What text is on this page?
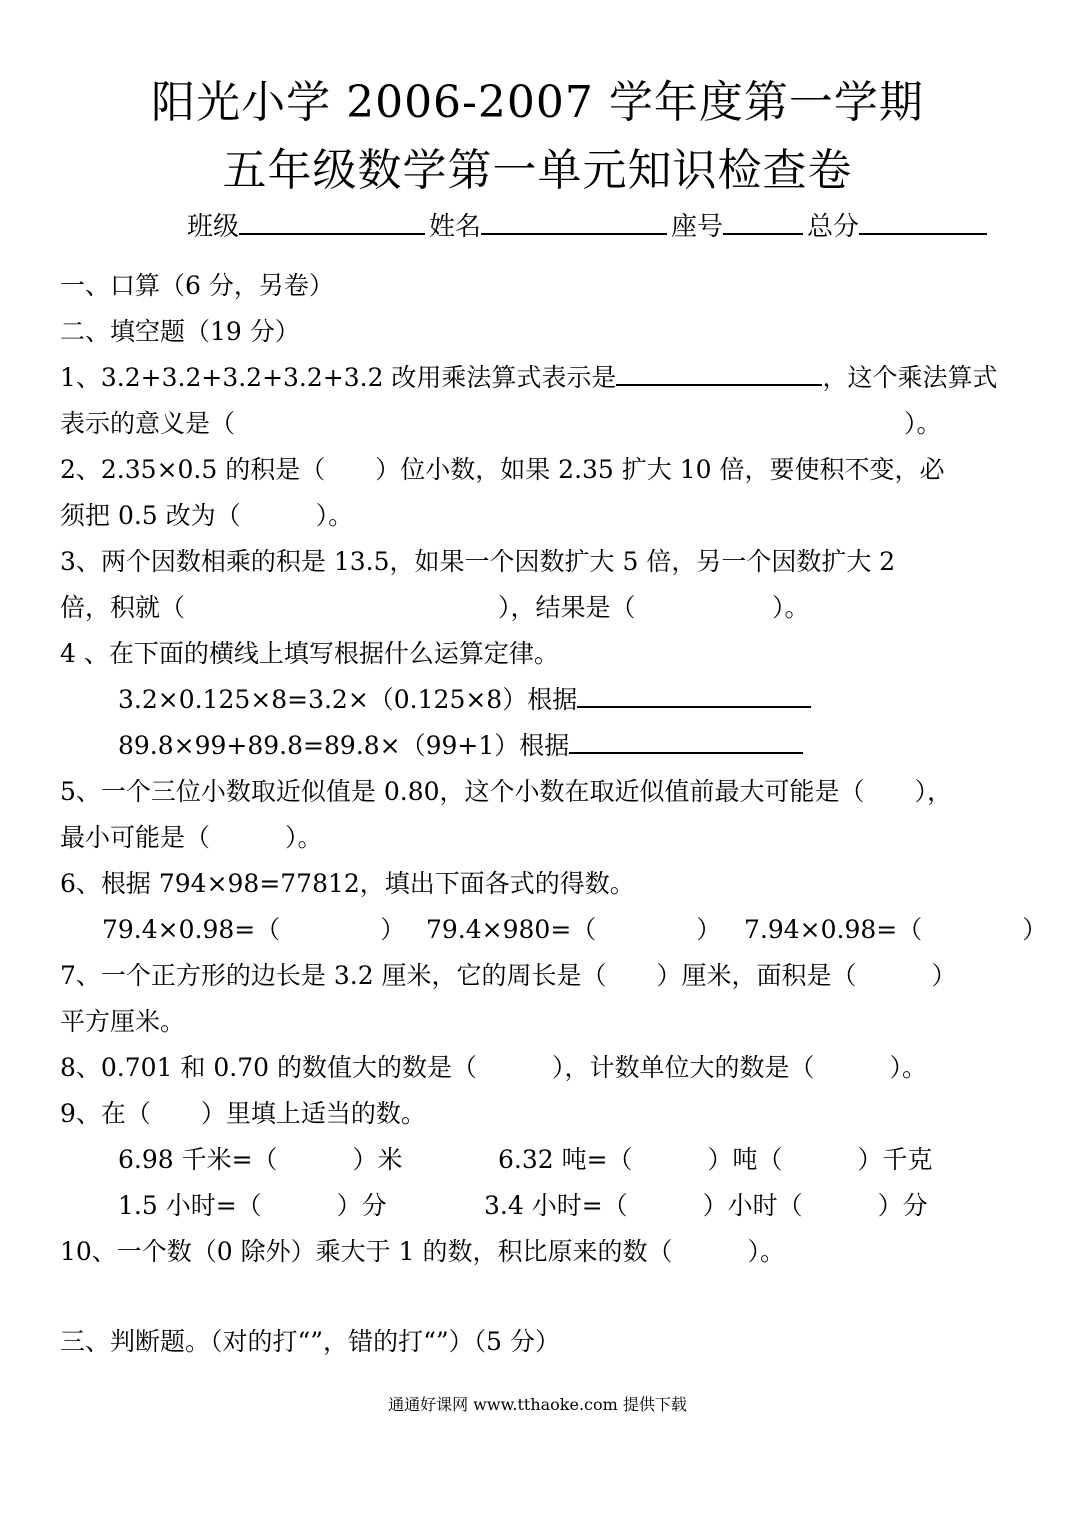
阳光小学 2006-2007 学年度第一学期
五年级数学第一单元知识检查卷
班级	姓名	座号	总分
一、口算（6 分，另卷）
二、填空题（19 分）
1、3.2+3.2+3.2+3.2+3.2 改用乘法算式表示是	，这个乘法算式
表示的意义是（	）。
2、2.35×0.5 的积是（　　）位小数，如果 2.35 扩大 10 倍，要使积不变，必
须把 0.5 改为（　　　）。
3、两个因数相乘的积是 13.5，如果一个因数扩大 5 倍，另一个因数扩大 2
倍，积就（	），结果是（	）。
4 、在下面的横线上填写根据什么运算定律。
3.2×0.125×8=3.2×（0.125×8）根据
89.8×99+89.8=89.8×（99+1）根据
5、一个三位小数取近似值是 0.80，这个小数在取近似值前最大可能是（　　），
最小可能是（　　　）。
6、根据 794×98=77812，填出下面各式的得数。
79.4×0.98=（　　　　） 79.4×980=（　　　　） 7.94×0.98=（　　　　）
7、一个正方形的边长是 3.2 厘米，它的周长是（　　）厘米，面积是（　　　）
平方厘米。
8、0.701 和 0.70 的数值大的数是（　　　），计数单位大的数是（　　　）。
9、在（　　）里填上适当的数。
6.98 千米=（　　　）米	6.32 吨=（　　　）吨（　　　）千克
1.5 小时=（　　　）分	3.4 小时=（　　　）小时（　　　）分
10、一个数（0 除外）乘大于 1 的数，积比原来的数（　　　）。
三、判断题。（对的打“”，错的打“”）（5 分）
通通好课网 www.tthaoke.com 提供下载
